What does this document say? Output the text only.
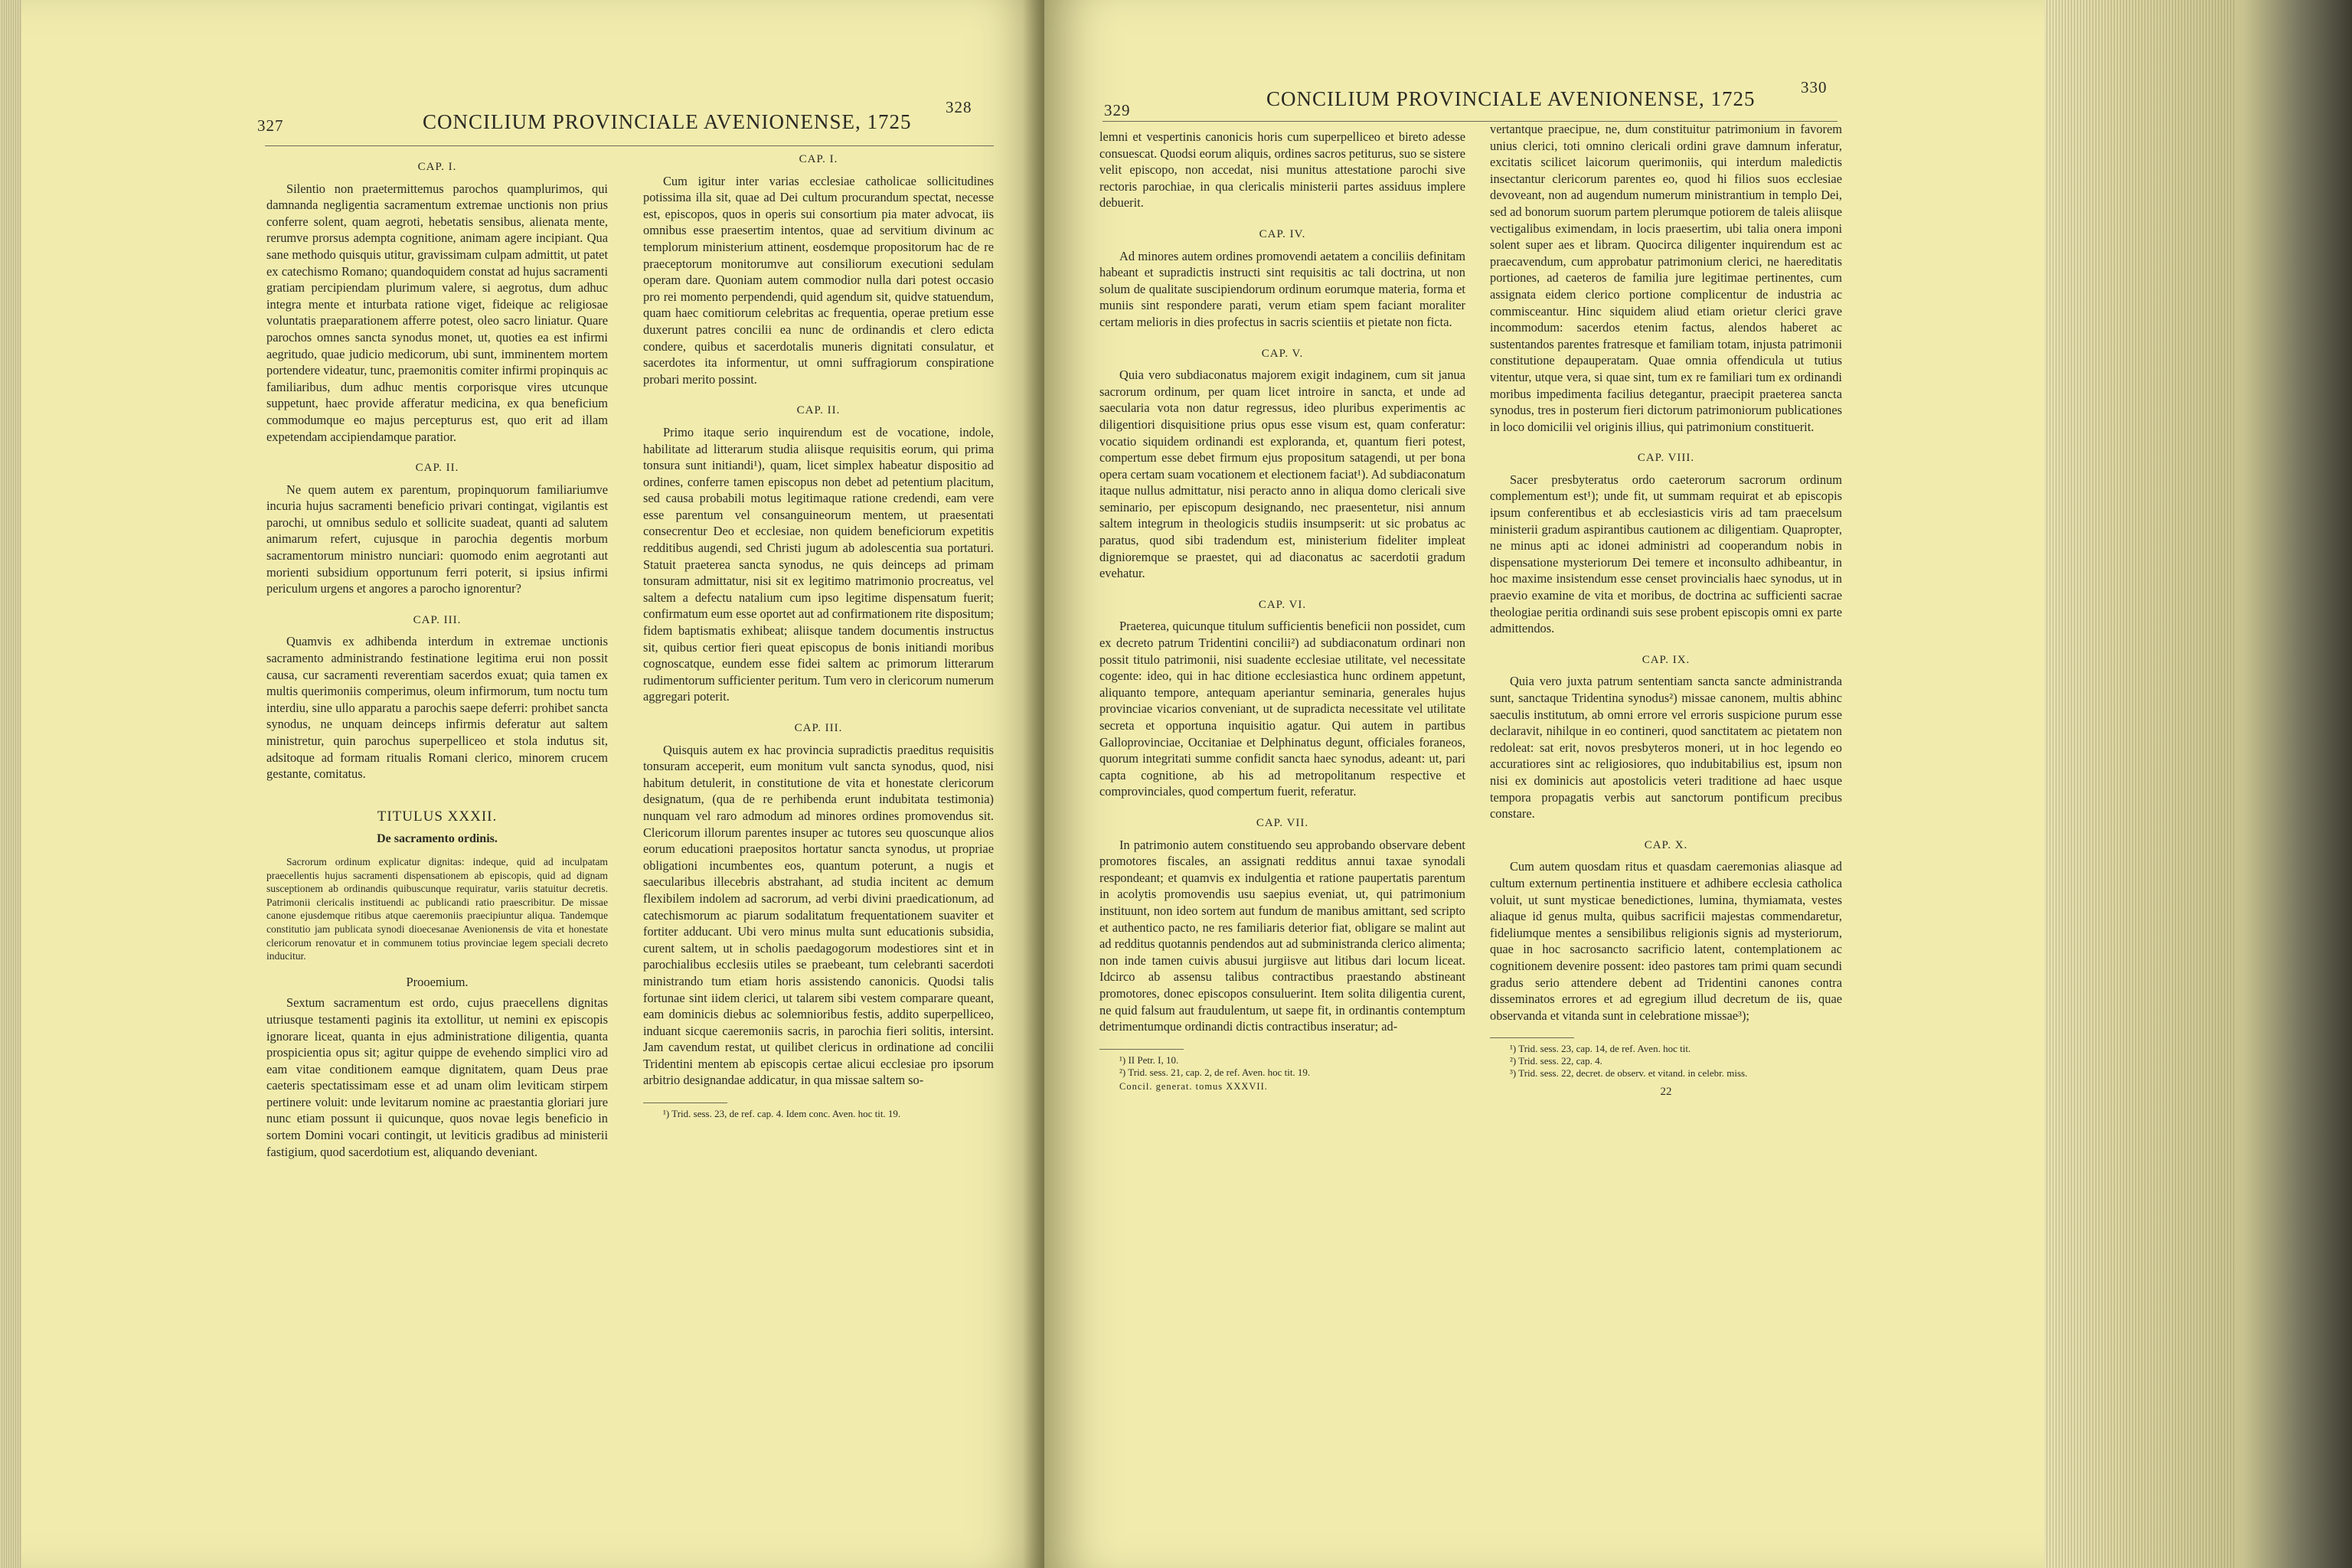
327	CONCILIUM PROVINCIALE AVENIONENSE, 1725
328
CAP. I.

Silentio non praetermittemus parochos quamplurimos, qui damnanda negligentia sacramentum extremae unctionis non prius conferre solent, quam aegroti, hebetatis sensibus, alienata mente, rerumve prorsus adempta cognitione, animam agere incipiant. Qua sane methodo quisquis utitur, gravissimam culpam admittit, ut patet ex catechismo Romano; quandoquidem constat ad hujus sacramenti gratiam percipiendam plurimum valere, si aegrotus, dum adhuc integra mente et inturbata ratione viget, fideique ac religiosae voluntatis praeparationem afferre potest, oleo sacro liniatur. Quare parochos omnes sancta synodus monet, ut, quoties ea est infirmi aegritudo, quae judicio medicorum, ubi sunt, imminentem mortem portendere videatur, tunc, praemonitis comiter infirmi propinquis ac familiaribus, dum adhuc mentis corporisque vires utcunque suppetunt, haec provide afferatur medicina, ex qua beneficium commodumque eo majus percepturus est, quo erit ad illam expetendam accipiendamque paratior.

CAP. II.

Ne quem autem ex parentum, propinquorum familiariumve incuria hujus sacramenti beneficio privari contingat, vigilantis est parochi, ut omnibus sedulo et sollicite suadeat, quanti ad salutem animarum refert, cujusque in parochia degentis morbum sacramentorum ministro nunciari: quomodo enim aegrotanti aut morienti subsidium opportunum ferri poterit, si ipsius infirmi periculum urgens et angores a parocho ignorentur?

CAP. III.

Quamvis ex adhibenda interdum in extremae unctionis sacramento administrando festinatione legitima erui non possit causa, cur sacramenti reverentiam sacerdos exuat; quia tamen ex multis querimoniis comperimus, oleum infirmorum, tum noctu tum interdiu, sine ullo apparatu a parochis saepe deferri: prohibet sancta synodus, ne unquam deinceps infirmis deferatur aut saltem ministretur, quin parochus superpelliceo et stola indutus sit, adsitoque ad formam ritualis Romani clerico, minorem crucem gestante, comitatus.

TITULUS XXXII.
De sacramento ordinis.

Sacrorum ordinum explicatur dignitas: indeque, quid ad inculpatam praecellentis hujus sacramenti dispensationem ab episcopis, quid ad dignam susceptionem ab ordinandis quibuscunque requiratur, variis statuitur decretis. Patrimonii clericalis instituendi ac publicandi ratio praescribitur. De missae canone ejusdemque ritibus atque caeremoniis praecipiuntur aliqua. Tandemque constitutio jam publicata synodi dioecesanae Avenionensis de vita et honestate clericorum renovatur et in communem totius provinciae legem speciali decreto inducitur.

Prooemium.

Sextum sacramentum est ordo, cujus praecellens dignitas utriusque testamenti paginis ita extollitur, ut nemini ex episcopis ignorare liceat, quanta in ejus administratione diligentia, quanta prospicientia opus sit; agitur quippe de evehendo simplici viro ad eam vitae conditionem eamque dignitatem, quam Deus prae caeteris spectatissimam esse et ad unam olim leviticam stirpem pertinere voluit: unde levitarum nomine ac praestantia gloriari jure nunc etiam possunt ii quicunque, quos novae legis beneficio in sortem Domini vocari contingit, ut leviticis gradibus ad ministerii fastigium, quod sacerdotium est, aliquando deveniant.

CAP. I.

Cum igitur inter varias ecclesiae catholicae sollicitudines potissima illa sit, quae ad Dei cultum procurandum spectat, necesse est, episcopos, quos in operis sui consortium pia mater advocat, iis omnibus esse praesertim intentos, quae ad servitium divinum ac templorum ministerium attinent, eosdemque propositorum hac de re praeceptorum monitorumve aut consiliorum executioni sedulam operam dare. Quoniam autem commodior nulla dari potest occasio pro rei momento perpendendi, quid agendum sit, quidve statuendum, quam haec comitiorum celebritas ac frequentia, operae pretium esse duxerunt patres concilii ea nunc de ordinandis et clero edicta condere, quibus et sacerdotalis muneris dignitati consulatur, et sacerdotes ita informentur, ut omni suffragiorum conspiratione probari merito possint.

CAP. II.

Primo itaque serio inquirendum est de vocatione, indole, habilitate ad litterarum studia aliisque requisitis eorum, qui prima tonsura sunt initiandi¹), quam, licet simplex habeatur dispositio ad ordines, conferre tamen episcopus non debet ad petentium placitum, sed causa probabili motus legitimaque ratione credendi, eam vere esse parentum vel consanguineorum mentem, ut praesentati consecrentur Deo et ecclesiae, non quidem beneficiorum expetitis redditibus augendi, sed Christi jugum ab adolescentia sua portaturi. Statuit praeterea sancta synodus, ne quis deinceps ad primam tonsuram admittatur, nisi sit ex legitimo matrimonio procreatus, vel saltem a defectu natalium cum ipso legitime dispensatum fuerit; confirmatum eum esse oportet aut ad confirmationem rite dispositum; fidem baptismatis exhibeat; aliisque tandem documentis instructus sit, quibus certior fieri queat episcopus de bonis initiandi moribus cognoscatque, eundem esse fidei saltem ac primorum litterarum rudimentorum sufficienter peritum. Tum vero in clericorum numerum aggregari poterit.

CAP. III.

Quisquis autem ex hac provincia supradictis praeditus requisitis tonsuram acceperit, eum monitum vult sancta synodus, quod, nisi habitum detulerit, in constitutione de vita et honestate clericorum designatum, (qua de re perhibenda erunt indubitata testimonia) nunquam vel raro admodum ad minores ordines promovendus sit. Clericorum illorum parentes insuper ac tutores seu quoscunque alios eorum educationi praepositos hortatur sancta synodus, ut propriae obligationi incumbentes eos, quantum poterunt, a nugis et saecularibus illecebris abstrahant, ad studia incitent ac demum flexibilem indolem ad sacrorum, ad verbi divini praedicationum, ad catechismorum ac piarum sodalitatum frequentationem suaviter et fortiter adducant. Ubi vero minus multa sunt educationis subsidia, curent saltem, ut in scholis paedagogorum modestiores sint et in parochialibus ecclesiis utiles se praebeant, tum celebranti sacerdoti ministrando tum etiam horis assistendo canonicis. Quodsi talis fortunae sint iidem clerici, ut talarem sibi vestem comparare queant, eam dominicis diebus ac solemnioribus festis, addito superpelliceo, induant sicque caeremoniis sacris, in parochia fieri solitis, intersint. Jam cavendum restat, ut quilibet clericus in ordinatione ad concilii Tridentini mentem ab episcopis certae alicui ecclesiae pro ipsorum arbitrio designandae addicatur, in qua missae saltem so-

¹) Trid. sess. 23, de ref. cap. 4. Idem conc. Aven. hoc tit. 19.

329	CONCILIUM PROVINCIALE AVENIONENSE, 1725	330

lemni et vespertinis canonicis horis cum superpelliceo et bireto adesse consuescat. Quodsi eorum aliquis, ordines sacros petiturus, suo se sistere velit episcopo, non accedat, nisi munitus attestatione parochi sive rectoris parochiae, in qua clericalis ministerii partes assiduus implere debuerit.

CAP. IV.

Ad minores autem ordines promovendi aetatem a conciliis definitam habeant et supradictis instructi sint requisitis ac tali doctrina, ut non solum de qualitate suscipiendorum ordinum eorumque materia, forma et muniis sint respondere parati, verum etiam spem faciant moraliter certam melioris in dies profectus in sacris scientiis et pietate non ficta.

CAP. V.

Quia vero subdiaconatus majorem exigit indaginem, cum sit janua sacrorum ordinum, per quam licet introire in sancta, et unde ad saecularia vota non datur regressus, ideo pluribus experimentis ac diligentiori disquisitione prius opus esse visum est, quam conferatur: vocatio siquidem ordinandi est exploranda, et, quantum fieri potest, compertum esse debet firmum ejus propositum satagendi, ut per bona opera certam suam vocationem et electionem faciat¹). Ad subdiaconatum itaque nullus admittatur, nisi peracto anno in aliqua domo clericali sive seminario, per episcopum designando, nec praesentetur, nisi annum saltem integrum in theologicis studiis insumpserit: ut sic probatus ac paratus, quod sibi tradendum est, ministerium fideliter impleat dignioremque se praestet, qui ad diaconatus ac sacerdotii gradum evehatur.

CAP. VI.

Praeterea, quicunque titulum sufficientis beneficii non possidet, cum ex decreto patrum Tridentini concilii²) ad subdiaconatum ordinari non possit titulo patrimonii, nisi suadente ecclesiae utilitate, vel necessitate cogente: ideo, qui in hac ditione ecclesiastica hunc ordinem appetunt, aliquanto tempore, antequam aperiantur seminaria, generales hujus provinciae vicarios conveniant, ut de supradicta necessitate vel utilitate secreta et opportuna inquisitio agatur. Qui autem in partibus Galloprovinciae, Occitaniae et Delphinatus degunt, officiales foraneos, quorum integritati summe confidit sancta haec synodus, adeant: ut, pari capta cognitione, ab his ad metropolitanum respective et comprovinciales, quod compertum fuerit, referatur.

CAP. VII.

In patrimonio autem constituendo seu approbando observare debent promotores fiscales, an assignati redditus annui taxae synodali respondeant; et quamvis ex indulgentia et ratione paupertatis parentum in acolytis promovendis usu saepius eveniat, ut, qui patrimonium instituunt, non ideo sortem aut fundum de manibus amittant, sed scripto et authentico pacto, ne res familiaris deterior fiat, obligare se malint aut ad redditus quotannis pendendos aut ad subministranda clerico alimenta; non inde tamen cuivis abusui jurgiisve aut litibus dari locum liceat. Idcirco ab assensu talibus contractibus praestando abstineant promotores, donec episcopos consuluerint. Item solita diligentia curent, ne quid falsum aut fraudulentum, ut saepe fit, in ordinantis contemptum detrimentumque ordinandi dictis contractibus inseratur; ad-

¹) II Petr. I, 10.

²) Trid. sess. 21, cap. 2, de ref. Aven. hoc tit. 19.

Concil. generat. tomus XXXVII.

vertantque praecipue, ne, dum constituitur patrimonium in favorem unius clerici, toti omnino clericali ordini grave damnum inferatur, excitatis scilicet laicorum querimoniis, qui interdum maledictis insectantur clericorum parentes eo, quod hi filios suos ecclesiae devoveant, non ad augendum numerum ministrantium in templo Dei, sed ad bonorum suorum partem plerumque potiorem de taleis aliisque vectigalibus eximendam, in locis praesertim, ubi talia onera imponi solent super aes et libram. Quocirca diligenter inquirendum est ac praecavendum, cum approbatur patrimonium clerici, ne haereditatis portiones, ad caeteros de familia jure legitimae pertinentes, cum assignata eidem clerico portione complicentur de industria ac commisceantur. Hinc siquidem aliud etiam orietur clerici grave incommodum: sacerdos etenim factus, alendos haberet ac sustentandos parentes fratresque et familiam totam, injusta patrimonii constitutione depauperatam. Quae omnia offendicula ut tutius vitentur, utque vera, si quae sint, tum ex re familiari tum ex ordinandi moribus impedimenta facilius detegantur, praecipit praeterea sancta synodus, tres in posterum fieri dictorum patrimoniorum publicationes in loco domicilii vel originis illius, qui patrimonium constituerit.

CAP. VIII.

Sacer presbyteratus ordo caeterorum sacrorum ordinum complementum est¹); unde fit, ut summam requirat et ab episcopis ipsum conferentibus et ab ecclesiasticis viris ad tam praecelsum ministerii gradum aspirantibus cautionem ac diligentiam. Quapropter, ne minus apti ac idonei administri ad cooperandum nobis in dispensatione mysteriorum Dei temere et inconsulto adhibeantur, in hoc maxime insistendum esse censet provincialis haec synodus, ut in praevio examine de vita et moribus, de doctrina ac sufficienti sacrae theologiae peritia ordinandi suis sese probent episcopis omni ex parte admittendos.

CAP. IX.

Quia vero juxta patrum sententiam sancta sancte administranda sunt, sanctaque Tridentina synodus²) missae canonem, multis abhinc saeculis institutum, ab omni errore vel erroris suspicione purum esse declaravit, nihilque in eo contineri, quod sanctitatem ac pietatem non redoleat: sat erit, novos presbyteros moneri, ut in hoc legendo eo accuratiores sint ac religiosiores, quo indubitabilius est, ipsum non nisi ex dominicis aut apostolicis veteri traditione ad haec usque tempora propagatis verbis aut sanctorum pontificum precibus constare.

CAP. X.

Cum autem quosdam ritus et quasdam caeremonias aliasque ad cultum externum pertinentia instituere et adhibere ecclesia catholica voluit, ut sunt mysticae benedictiones, lumina, thymiamata, vestes aliaque id genus multa, quibus sacrificii majestas commendaretur, fideliumque mentes a sensibilibus religionis signis ad mysteriorum, quae in hoc sacrosancto sacrificio latent, contemplationem ac cognitionem devenire possent: ideo pastores tam primi quam secundi gradus serio attendere debent ad Tridentini canones contra disseminatos errores et ad egregium illud decretum de iis, quae observanda et vitanda sunt in celebratione missae³);

¹) Trid. sess. 23, cap. 14, de ref. Aven. hoc tit.

²) Trid. sess. 22, cap. 4.

³) Trid. sess. 22, decret. de observ. et vitand. in celebr. miss.

22
